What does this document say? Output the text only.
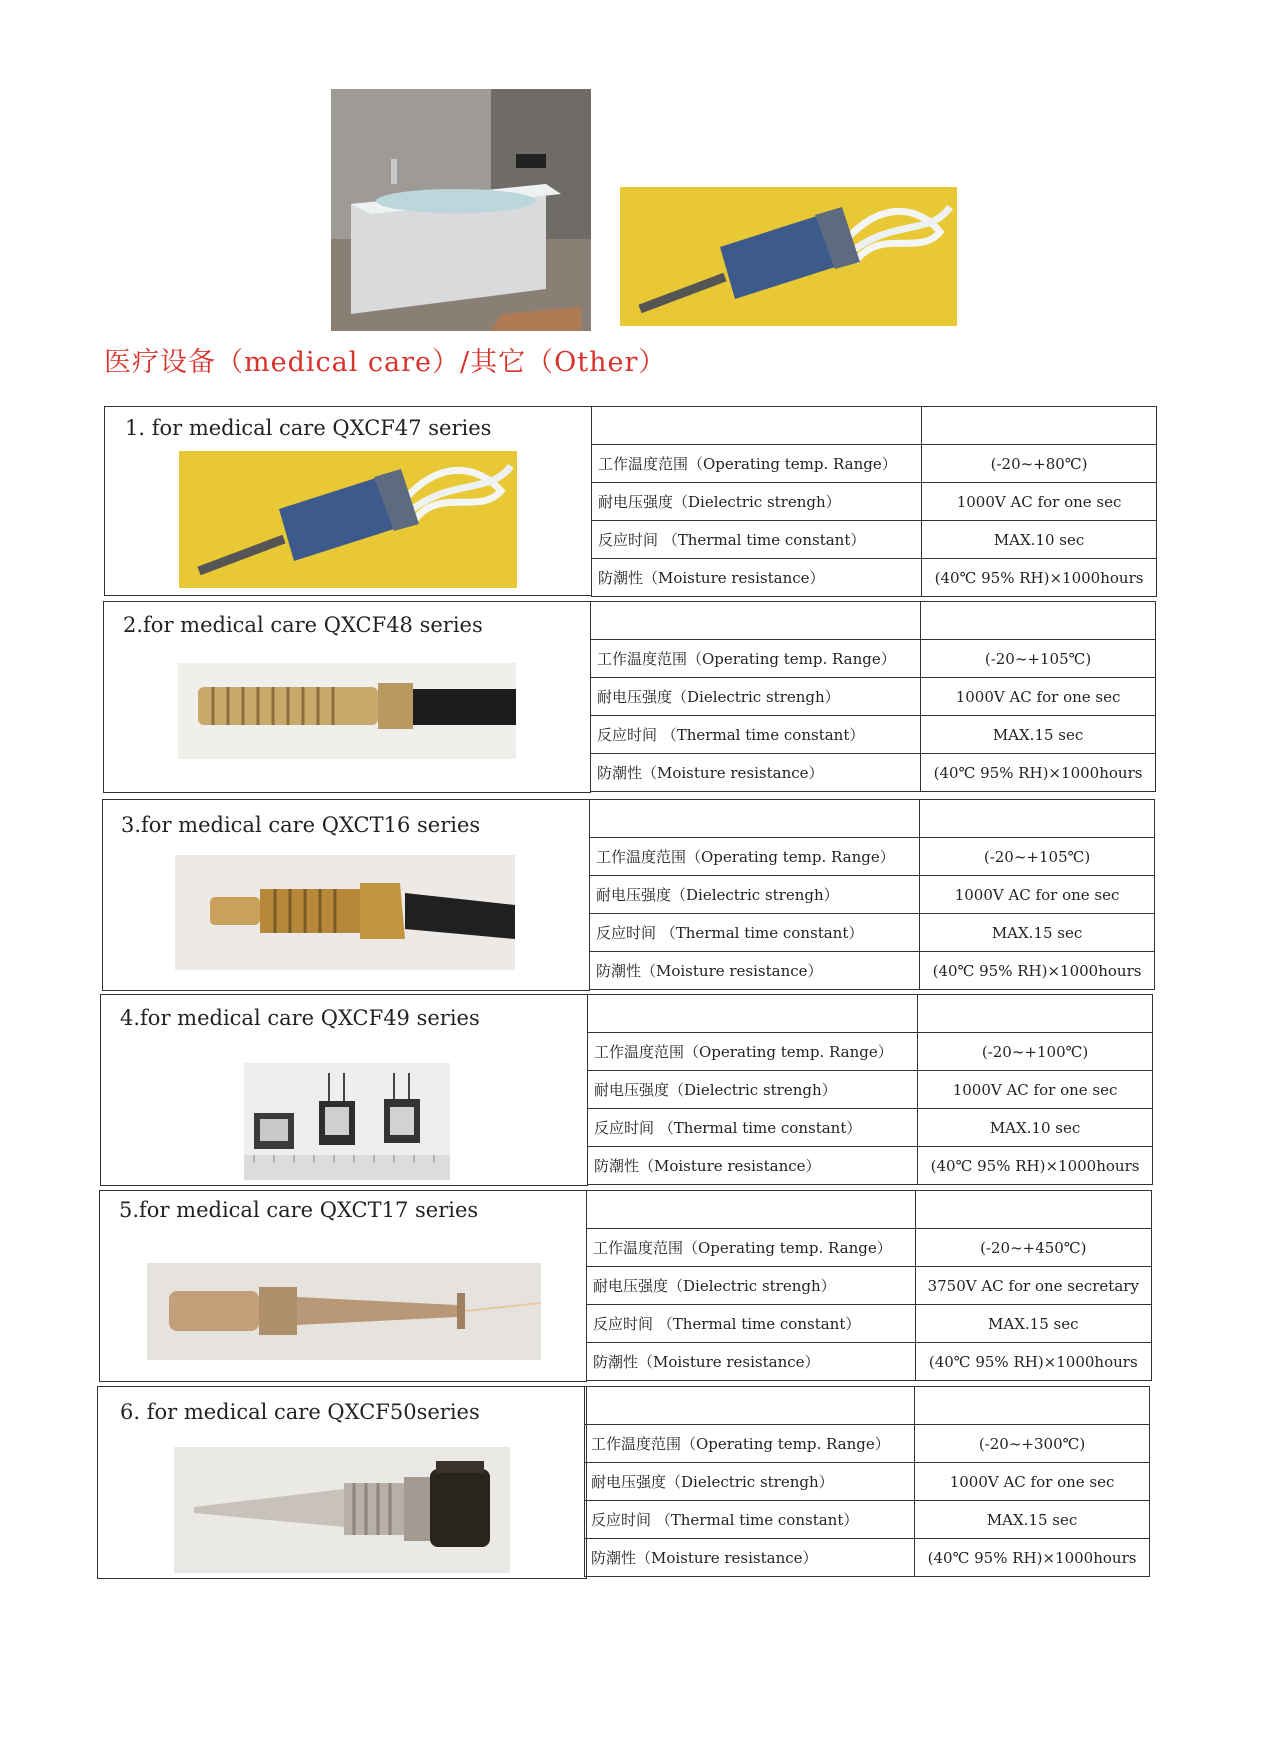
医疗设备（medical care）/其它（Other）
1. for medical care QXCF47 series

工作温度范围（Operating temp. Range）	(-20~+80℃)
耐电压强度（Dielectric strengh）	1000V AC for one sec
反应时间 （Thermal time constant）	MAX.10 sec
防潮性（Moisture resistance）	(40℃ 95% RH)×1000hours
2.for medical care QXCF48 series

工作温度范围（Operating temp. Range）	(-20~+105℃)
耐电压强度（Dielectric strengh）	1000V AC for one sec
反应时间 （Thermal time constant）	MAX.15 sec
防潮性（Moisture resistance）	(40℃ 95% RH)×1000hours
3.for medical care QXCT16 series

工作温度范围（Operating temp. Range）	(-20~+105℃)
耐电压强度（Dielectric strengh）	1000V AC for one sec
反应时间 （Thermal time constant）	MAX.15 sec
防潮性（Moisture resistance）	(40℃ 95% RH)×1000hours
4.for medical care QXCF49 series

工作温度范围（Operating temp. Range）	(-20~+100℃)
耐电压强度（Dielectric strengh）	1000V AC for one sec
反应时间 （Thermal time constant）	MAX.10 sec
防潮性（Moisture resistance）	(40℃ 95% RH)×1000hours
5.for medical care QXCT17 series

工作温度范围（Operating temp. Range）	(-20~+450℃)
耐电压强度（Dielectric strengh）	3750V AC for one secretary
反应时间 （Thermal time constant）	MAX.15 sec
防潮性（Moisture resistance）	(40℃ 95% RH)×1000hours
6. for medical care QXCF50series

工作温度范围（Operating temp. Range）	(-20~+300℃)
耐电压强度（Dielectric strengh）	1000V AC for one sec
反应时间 （Thermal time constant）	MAX.15 sec
防潮性（Moisture resistance）	(40℃ 95% RH)×1000hours
